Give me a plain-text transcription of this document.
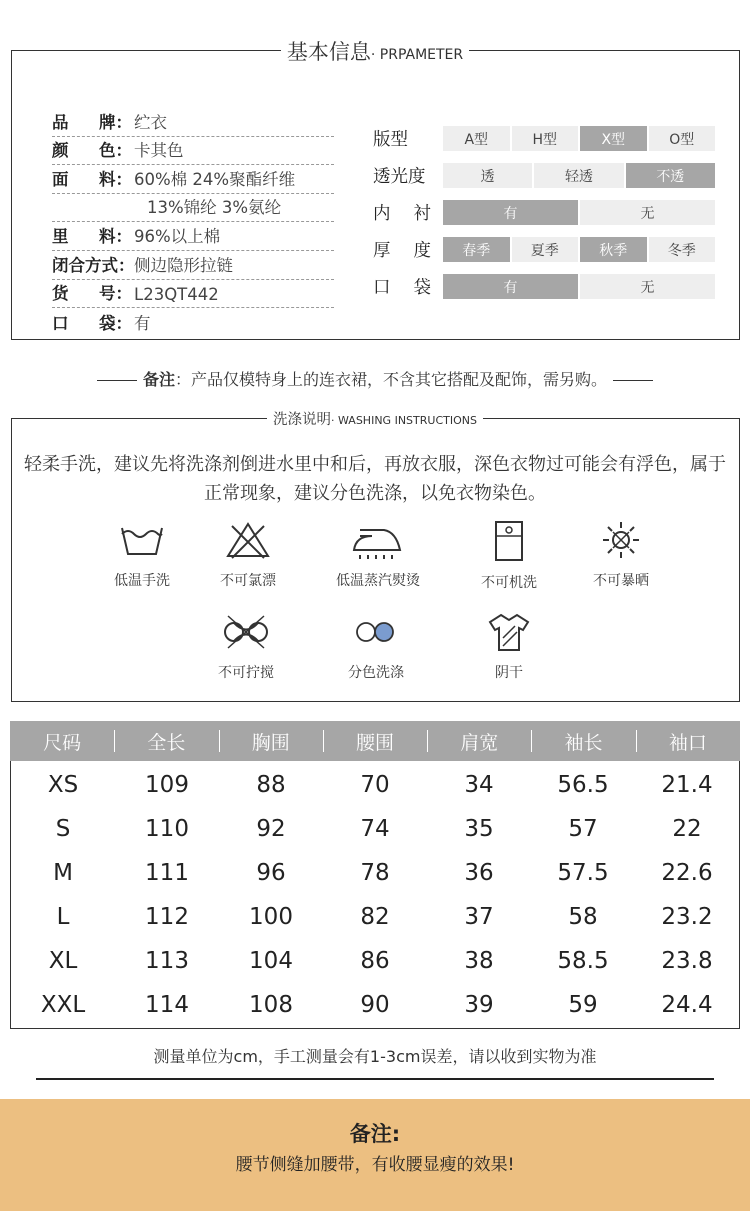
基本信息· PRPAMETER
品 牌： 纻衣
颜 色： 卡其色
面 料： 60%棉 24%聚酯纤维
13%锦纶 3%氨纶
里 料： 96%以上棉
闭合方式： 侧边隐形拉链
货 号： L23QT442
口 袋： 有
版型	A型	H型	X型	O型
透光度	透	轻透	不透
内 衬	有	无
厚 度	春季	夏季	秋季	冬季
口 袋	有	无
备注：产品仅模特身上的连衣裙，不含其它搭配及配饰，需另购。
洗涤说明· WASHING INSTRUCTIONS
轻柔手洗，建议先将洗涤剂倒进水里中和后，再放衣服，深色衣物过可能会有浮色，属于正常现象，建议分色洗涤，以免衣物染色。
低温手洗	不可氯漂	低温蒸汽熨烫	不可机洗	不可暴晒
不可拧搅	分色洗涤	阴干
尺码	全长	胸围	腰围	肩宽	袖长	袖口
XS	109	88	70	34	56.5	21.4
S	110	92	74	35	57	22
M	111	96	78	36	57.5	22.6
L	112	100	82	37	58	23.2
XL	113	104	86	38	58.5	23.8
XXL	114	108	90	39	59	24.4
测量单位为cm，手工测量会有1-3cm误差，请以收到实物为准
备注:
腰节侧缝加腰带，有收腰显瘦的效果!
